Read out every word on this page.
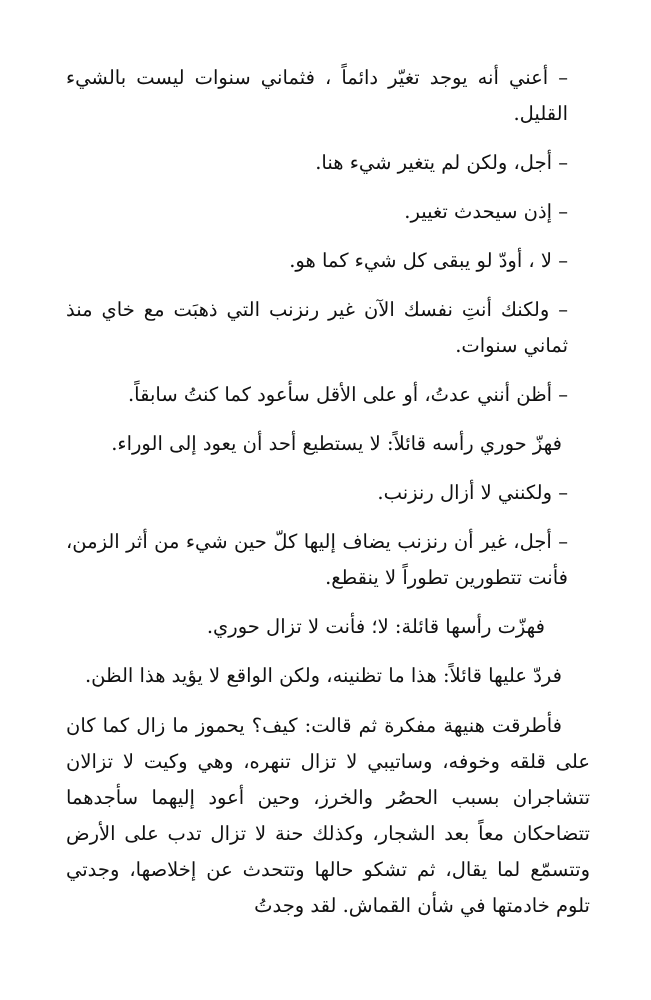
– أعني أنه يوجد تغيّر دائماً ، فثماني سنوات ليست بالشيء القليل.

– أجل، ولكن لم يتغير شيء هنا.

– إذن سيحدث تغيير.

– لا ، أودّ لو يبقى كل شيء كما هو.

– ولكنك أنتِ نفسك الآن غير رنزنب التي ذهبَت مع خاي منذ ثماني سنوات.

– أظن أنني عدتُ، أو على الأقل سأعود كما كنتُ سابقاً.

فهزّ حوري رأسه قائلاً: لا يستطيع أحد أن يعود إلى الوراء.

– ولكنني لا أزال رنزنب.

– أجل، غير أن رنزنب يضاف إليها كلّ حين شيء من أثر الزمن، فأنت تتطورين تطوراً لا ينقطع.

فهزّت رأسها قائلة: لا؛ فأنت لا تزال حوري.

فردّ عليها قائلاً: هذا ما تظنينه، ولكن الواقع لا يؤيد هذا الظن.

فأطرقت هنيهة مفكرة ثم قالت: كيف؟ يحموز ما زال كما كان على قلقه وخوفه، وساتيبي لا تزال تنهره، وهي وكيت لا تزالان تتشاجران بسبب الحصُر والخرز، وحين أعود إليهما سأجدهما تتضاحكان معاً بعد الشجار، وكذلك حنة لا تزال تدب على الأرض وتتسمّع لما يقال، ثم تشكو حالها وتتحدث عن إخلاصها، وجدتي تلوم خادمتها في شأن القماش. لقد وجدتُ
